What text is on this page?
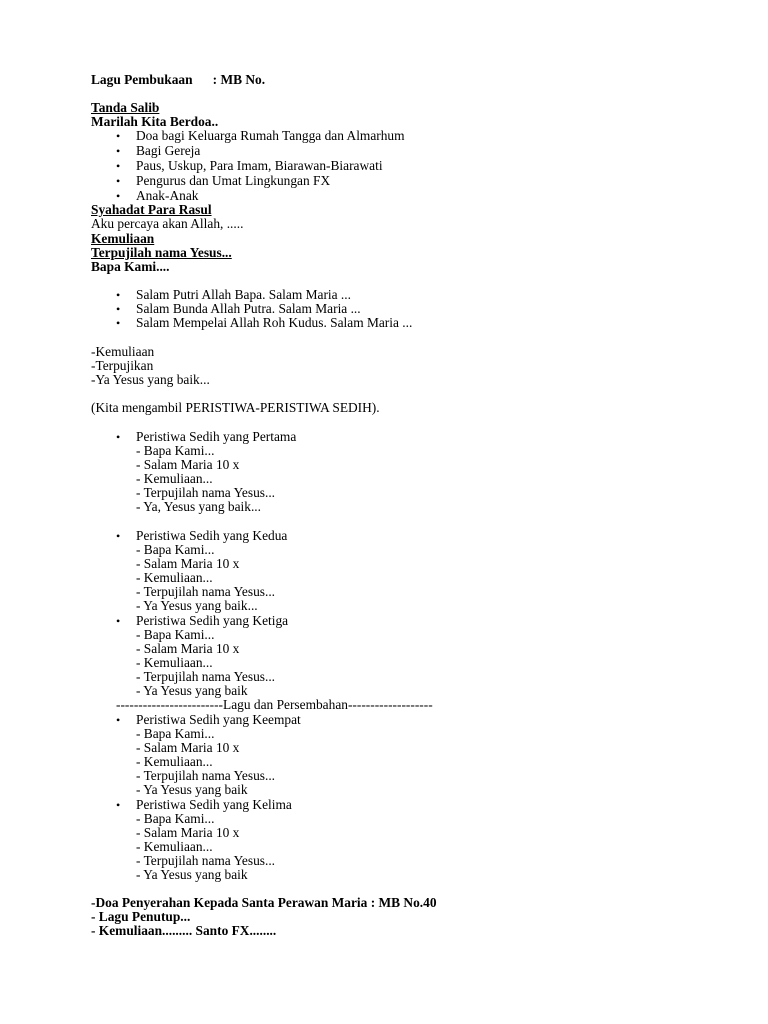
Lagu Pembukaan      : MB No.
Tanda Salib
Marilah Kita Berdoa..
• Doa bagi Keluarga Rumah Tangga dan Almarhum
• Bagi Gereja
• Paus, Uskup, Para Imam, Biarawan-Biarawati
• Pengurus dan Umat Lingkungan FX
• Anak-Anak
Syahadat Para Rasul
Aku percaya akan Allah, .....
Kemuliaan
Terpujilah nama Yesus...
Bapa Kami....
• Salam Putri Allah Bapa. Salam Maria ...
• Salam Bunda Allah Putra. Salam Maria ...
• Salam Mempelai Allah Roh Kudus. Salam Maria ...
-Kemuliaan
-Terpujikan
-Ya Yesus yang baik...
(Kita mengambil PERISTIWA-PERISTIWA SEDIH).
• Peristiwa Sedih yang Pertama
- Bapa Kami...
- Salam Maria 10 x
- Kemuliaan...
- Terpujilah nama Yesus...
- Ya, Yesus yang baik...
• Peristiwa Sedih yang Kedua
- Bapa Kami...
- Salam Maria 10 x
- Kemuliaan...
- Terpujilah nama Yesus...
- Ya Yesus yang baik...
• Peristiwa Sedih yang Ketiga
- Bapa Kami...
- Salam Maria 10 x
- Kemuliaan...
- Terpujilah nama Yesus...
- Ya Yesus yang baik
------------------------Lagu dan Persembahan-------------------
• Peristiwa Sedih yang Keempat
- Bapa Kami...
- Salam Maria 10 x
- Kemuliaan...
- Terpujilah nama Yesus...
- Ya Yesus yang baik
• Peristiwa Sedih yang Kelima
- Bapa Kami...
- Salam Maria 10 x
- Kemuliaan...
- Terpujilah nama Yesus...
- Ya Yesus yang baik
-Doa Penyerahan Kepada Santa Perawan Maria : MB No.40
- Lagu Penutup...
- Kemuliaan......... Santo FX........
